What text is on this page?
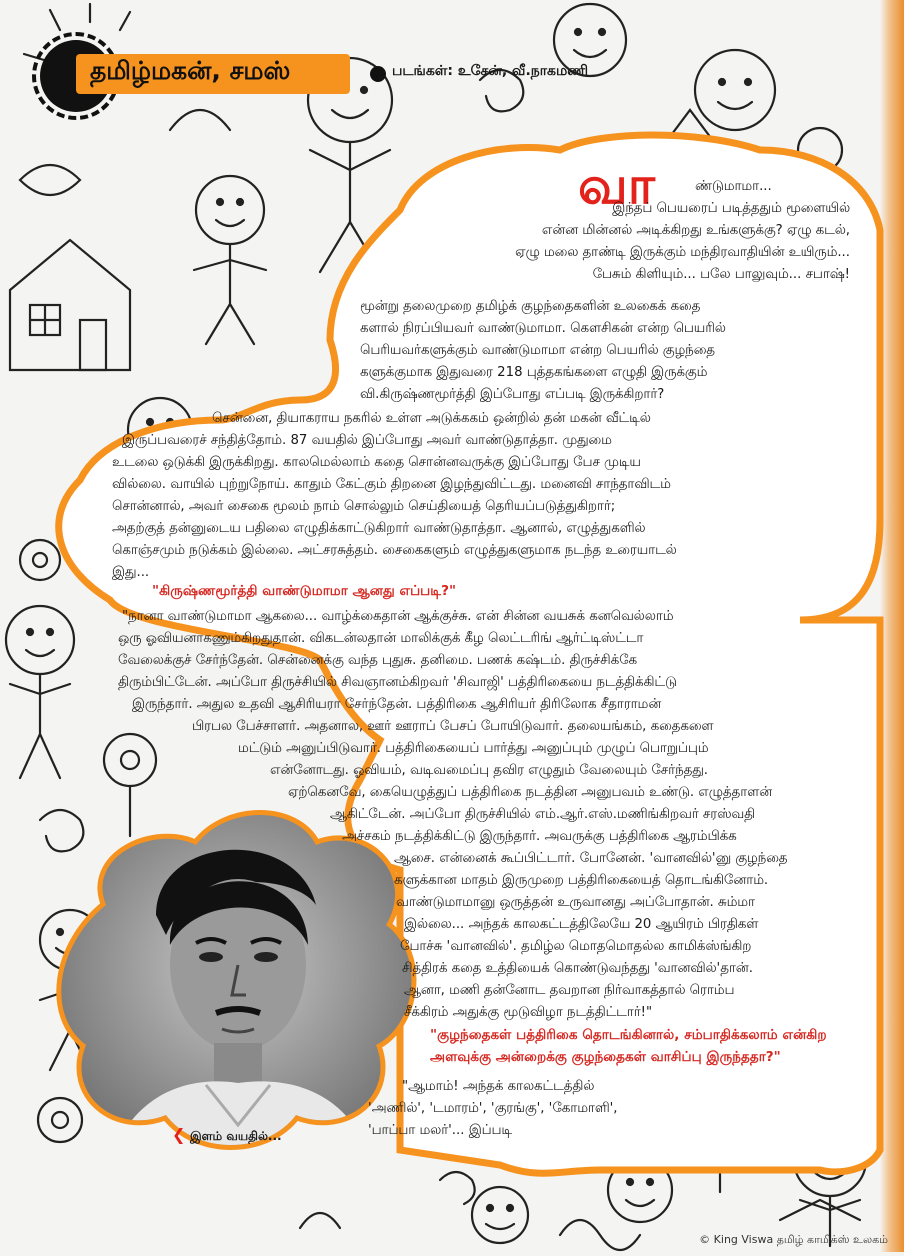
தமிழ்மகன், சமஸ்	படங்கள்: உசேன், வீ.நாகமணி
வா	ண்டுமாமா...
இந்தப் பெயரைப் படித்ததும் மூளையில்
என்ன மின்னல் அடிக்கிறது உங்களுக்கு? ஏழு கடல்,
ஏழு மலை தாண்டி இருக்கும் மந்திரவாதியின் உயிரும்...
பேசும் கிளியும்... பலே பாலுவும்... சபாஷ்!
மூன்று தலைமுறை தமிழ்க் குழந்தைகளின் உலகைக் கதை
களால் நிரப்பியவர் வாண்டுமாமா. கௌசிகன் என்ற பெயரில்
பெரியவர்களுக்கும் வாண்டுமாமா என்ற பெயரில் குழந்தை
களுக்குமாக இதுவரை 218 புத்தகங்களை எழுதி இருக்கும்
வி.கிருஷ்ணமூர்த்தி இப்போது எப்படி இருக்கிறார்?
சென்னை, தியாகராய நகரில் உள்ள அடுக்ககம் ஒன்றில் தன் மகன் வீட்டில்
இருப்பவரைச் சந்தித்தோம். 87 வயதில் இப்போது அவர் வாண்டுதாத்தா. முதுமை
உடலை ஒடுக்கி இருக்கிறது. காலமெல்லாம் கதை சொன்னவருக்கு இப்போது பேச முடிய
வில்லை. வாயில் புற்றுநோய். காதும் கேட்கும் திறனை இழந்துவிட்டது. மனைவி சாந்தாவிடம்
சொன்னால், அவர் சைகை மூலம் நாம் சொல்லும் செய்தியைத் தெரியப்படுத்துகிறார்;
அதற்குத் தன்னுடைய பதிலை எழுதிக்காட்டுகிறார் வாண்டுதாத்தா. ஆனால், எழுத்துகளில்
கொஞ்சமும் நடுக்கம் இல்லை. அட்சரசுத்தம். சைகைகளும் எழுத்துகளுமாக நடந்த உரையாடல்
இது...
"கிருஷ்ணமூர்த்தி வாண்டுமாமா ஆனது எப்படி?"
"நானா வாண்டுமாமா ஆகலை... வாழ்க்கைதான் ஆக்குச்சு. என் சின்ன வயசுக் கனவெல்லாம்
ஒரு ஓவியனாகணும்கிறதுதான். விகடன்லதான் மாலிக்குக் கீழ லெட்டரிங் ஆர்ட்டிஸ்ட்டா
வேலைக்குச் சேர்ந்தேன். சென்னைக்கு வந்த புதுசு. தனிமை. பணக் கஷ்டம். திருச்சிக்கே
திரும்பிட்டேன். அப்போ திருச்சியில் சிவஞானம்கிறவர் 'சிவாஜி' பத்திரிகையை நடத்திக்கிட்டு
இருந்தார். அதுல உதவி ஆசிரியரா சேர்ந்தேன். பத்திரிகை ஆசிரியர் திரிலோக சீதாராமன்
பிரபல பேச்சாளர். அதனால, ஊர் ஊராப் பேசப் போயிடுவார். தலையங்கம், கதைகளை
மட்டும் அனுப்பிடுவார். பத்திரிகையைப் பார்த்து அனுப்பும் முழுப் பொறுப்பும்
என்னோடது. ஓவியம், வடிவமைப்பு தவிர எழுதும் வேலையும் சேர்ந்தது.
ஏற்கெனவே, கையெழுத்துப் பத்திரிகை நடத்தின அனுபவம் உண்டு. எழுத்தாளன்
ஆகிட்டேன். அப்போ திருச்சியில் எம்.ஆர்.எஸ்.மணிங்கிறவர் சரஸ்வதி
அச்சகம் நடத்திக்கிட்டு இருந்தார். அவருக்கு பத்திரிகை ஆரம்பிக்க
ஆசை. என்னைக் கூப்பிட்டார். போனேன். 'வானவில்'னு குழந்தை
களுக்கான மாதம் இருமுறை பத்திரிகையைத் தொடங்கினோம்.
வாண்டுமாமானு ஒருத்தன் உருவானது அப்போதான். சும்மா
இல்லை... அந்தக் காலகட்டத்திலேயே 20 ஆயிரம் பிரதிகள்
போச்சு 'வானவில்'. தமிழ்ல மொதமொதல்ல காமிக்ஸ்ங்கிற
சித்திரக் கதை உத்தியைக் கொண்டுவந்தது 'வானவில்'தான்.
ஆனா, மணி தன்னோட தவறான நிர்வாகத்தால் ரொம்ப
சீக்கிரம் அதுக்கு மூடுவிழா நடத்திட்டார்!"
"குழந்தைகள் பத்திரிகை தொடங்கினால், சம்பாதிக்கலாம் என்கிற
அளவுக்கு அன்றைக்கு குழந்தைகள் வாசிப்பு இருந்ததா?"
"ஆமாம்! அந்தக் காலகட்டத்தில்
'அணில்', 'டமாரம்', 'குரங்கு', 'கோமாளி',
'பாப்பா மலர்'... இப்படி
❮ இளம் வயதில்...
© King Viswa தமிழ் காமிக்ஸ் உலகம்
